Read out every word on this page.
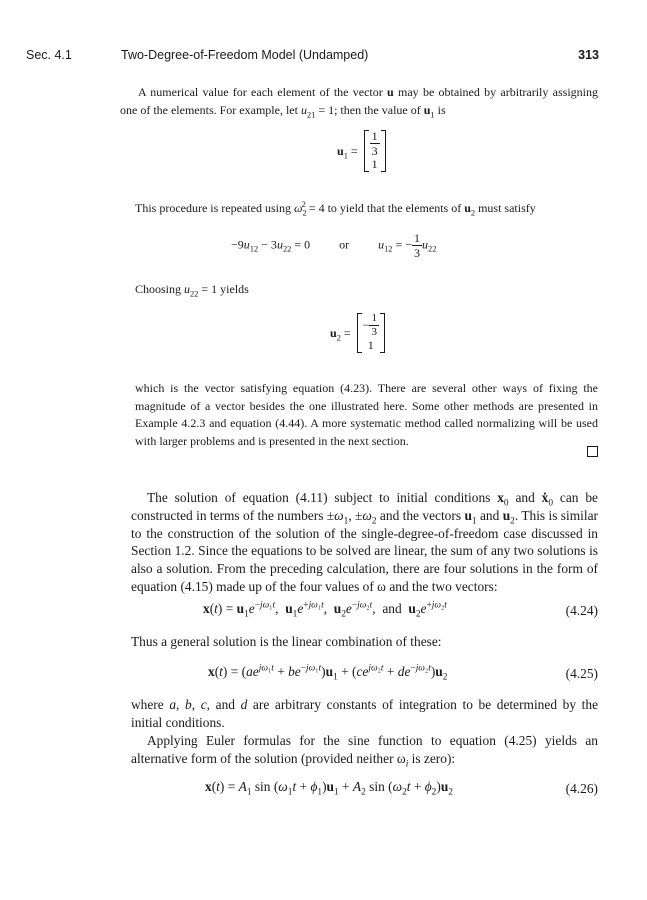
Sec. 4.1	Two-Degree-of-Freedom Model (Undamped)	313
A numerical value for each element of the vector u may be obtained by arbitrarily assigning one of the elements. For example, let $u_{21} = 1$; then the value of $u_1$ is
$u_1 = \frac{1}{3}$
1
This procedure is repeated using $\omega_2^2 = 4$ to yield that the elements of $u_2$ must satisfy
$-9u_{12} - 3u_{22} = 0$ or $u_{12}$ = − $\frac{1}{3} u_{22}$
Choosing $u_{22} = 1$ yields
$u_2$ =
− $\frac{1}{3}$
1
which is the vector satisfying equation (4.23). There are several other ways of fixing the magnitude of a vector besides the one illustrated here. Some other methods are presented in Example 4.2.3 and equation (4.44). A more systematic method called normalizing will be used with larger problems and is presented in the next section.
The solution of equation (4.11) subject to initial conditions $x_0$ and ẋ$_0$ can be constructed in terms of the numbers $\pm\omega_1$, $\pm\omega_2$ and the vectors $u_1$ and $u_2$. This is similar to the construction of the solution of the single-degree-of-freedom case discussed in Section 1.2. Since the equations to be solved are linear, the sum of any two solutions is also a solution. From the preceding calculation, there are four solutions in the form of equation (4.15) made up of the four values of ω and the two vectors:
$x(t) = u_1e^{-j\omega_1t}$,  $u_1e^{+j\omega_1t}$,  $u_2e^{-j\omega_2t}$,  and $u_2e^{+j\omega_2t}$	(4.24)
Thus a general solution is the linear combination of these:
$x(t) = (ae^{j\omega_1t} + be^{-j\omega_1t})u_1 + (ce^{j\omega_2t} + de^{-j\omega_2t})u_2$	(4.25)
where a, b, c, and d are arbitrary constants of integration to be determined by the initial conditions.
Applying Euler formulas for the sine function to equation (4.25) yields an alternative form of the solution (provided neither $\omega_i$ is zero):
$x(t) = A_1$ $\sin (\omega_1t + \phi_1)u_1 + A_2$ $\sin (\omega_2t + \phi_2)u_2$	(4.26)
